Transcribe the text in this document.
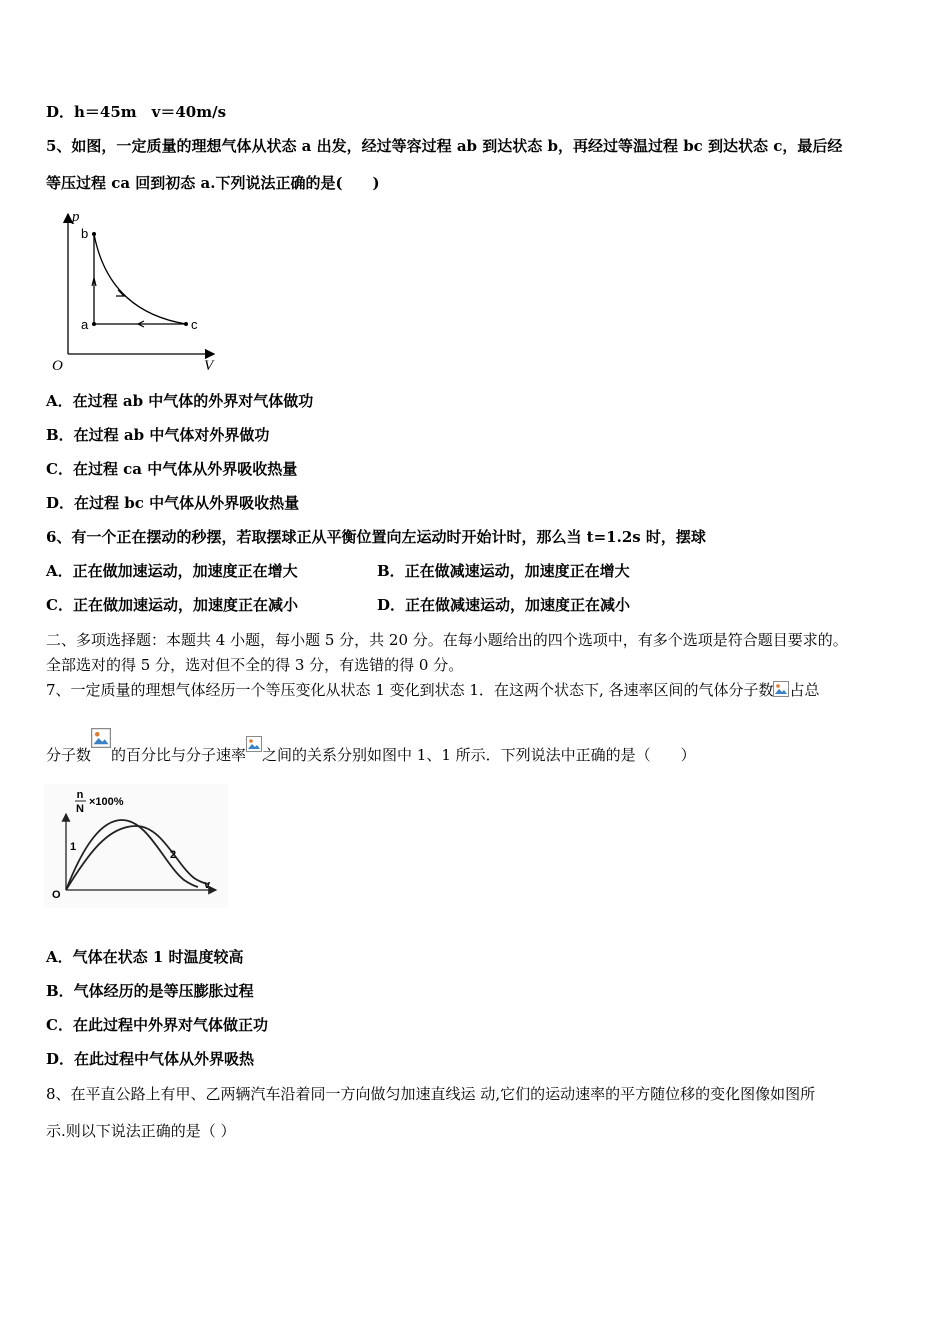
D．h＝45m　v＝40m/s
5、如图，一定质量的理想气体从状态 a 出发，经过等容过程 ab 到达状态 b，再经过等温过程 bc 到达状态 c，最后经
等压过程 ca 回到初态 a.下列说法正确的是(　　)
p
V
O
b
a	c
A．在过程 ab 中气体的外界对气体做功
B．在过程 ab 中气体对外界做功
C．在过程 ca 中气体从外界吸收热量
D．在过程 bc 中气体从外界吸收热量
6、有一个正在摆动的秒摆，若取摆球正从平衡位置向左运动时开始计时，那么当 t=1.2s 时，摆球
A．正在做加速运动，加速度正在增大	B．正在做减速运动，加速度正在增大
C．正在做加速运动，加速度正在减小	D．正在做减速运动，加速度正在减小
二、多项选择题：本题共 4 小题，每小题 5 分，共 20 分。在每小题给出的四个选项中，有多个选项是符合题目要求的。
全部选对的得 5 分，选对但不全的得 3 分，有选错的得 0 分。
7、一定质量的理想气体经历一个等压变化从状态 1 变化到状态 1．在这两个状态下, 各速率区间的气体分子数 占总
分子数 的百分比与分子速率 之间的关系分别如图中 1、1 所示．下列说法中正确的是（　　）
n
N
×100%
O
v
1
2
A．气体在状态 1 时温度较高
B．气体经历的是等压膨胀过程
C．在此过程中外界对气体做正功
D．在此过程中气体从外界吸热
8、在平直公路上有甲、乙两辆汽车沿着同一方向做匀加速直线运 动,它们的运动速率的平方随位移的变化图像如图所
示.则以下说法正确的是（ ）
